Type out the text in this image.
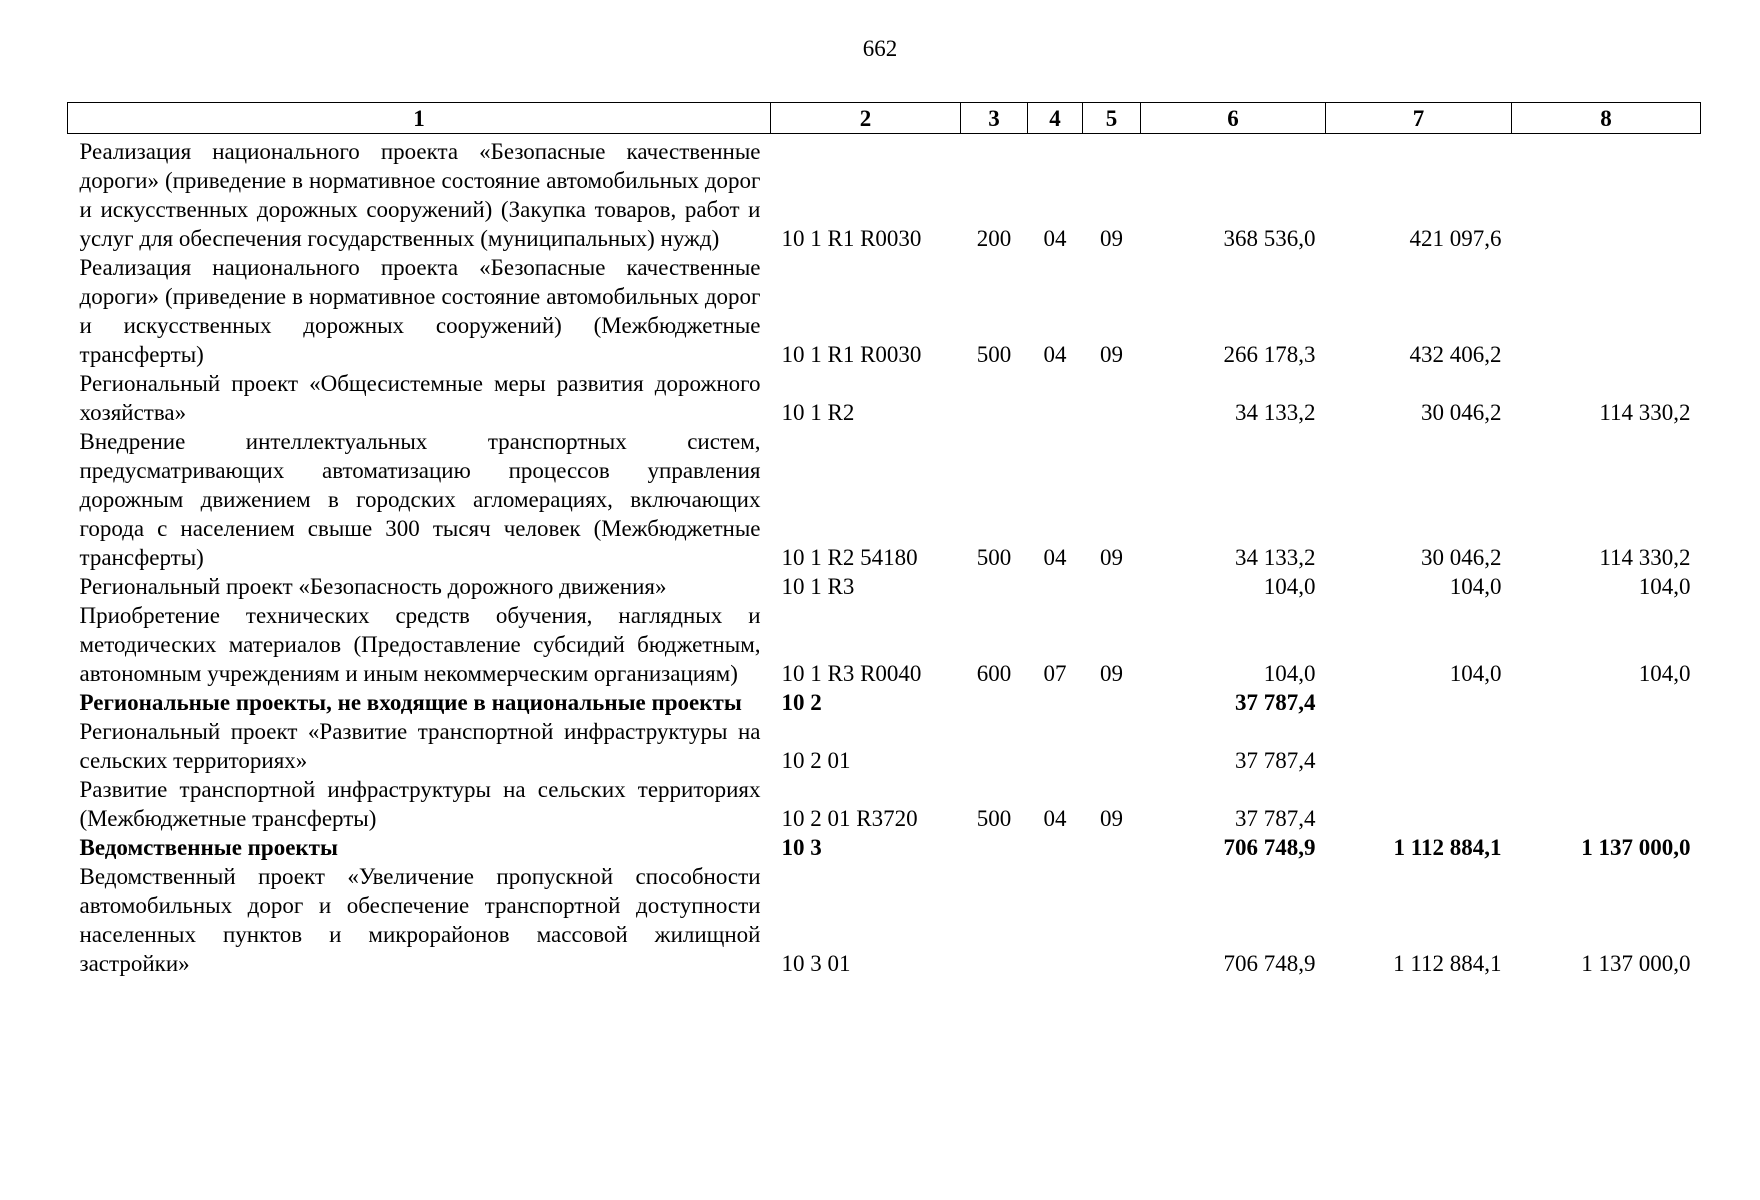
662
1	2	3	4	5	6	7	8
Реализация национального проекта «Безопасные качественные дороги» (приведение в нормативное состояние автомобильных дорог и искусственных дорожных сооружений) (Закупка товаров, работ и услуг для обеспечения государственных (муниципальных) нужд)	10 1 R1 R0030	200	04	09	368 536,0	421 097,6	
Реализация национального проекта «Безопасные качественные дороги» (приведение в нормативное состояние автомобильных дорог и искусственных дорожных сооружений) (Межбюджетные трансферты)	10 1 R1 R0030	500	04	09	266 178,3	432 406,2	
Региональный проект «Общесистемные меры развития дорожного хозяйства»	10 1 R2				34 133,2	30 046,2	114 330,2
Внедрение интеллектуальных транспортных систем, предусматривающих автоматизацию процессов управления дорожным движением в городских агломерациях, включающих города с населением свыше 300 тысяч человек (Межбюджетные трансферты)	10 1 R2 54180	500	04	09	34 133,2	30 046,2	114 330,2
Региональный проект «Безопасность дорожного движения»	10 1 R3				104,0	104,0	104,0
Приобретение технических средств обучения, наглядных и методических материалов (Предоставление субсидий бюджетным, автономным учреждениям и иным некоммерческим организациям)	10 1 R3 R0040	600	07	09	104,0	104,0	104,0
Региональные проекты, не входящие в национальные проекты	10 2				37 787,4		
Региональный проект «Развитие транспортной инфраструктуры на сельских территориях»	10 2 01				37 787,4		
Развитие транспортной инфраструктуры на сельских территориях (Межбюджетные трансферты)	10 2 01 R3720	500	04	09	37 787,4		
Ведомственные проекты	10 3				706 748,9	1 112 884,1	1 137 000,0
Ведомственный проект «Увеличение пропускной способности автомобильных дорог и обеспечение транспортной доступности населенных пунктов и микрорайонов массовой жилищной застройки»	10 3 01				706 748,9	1 112 884,1	1 137 000,0
